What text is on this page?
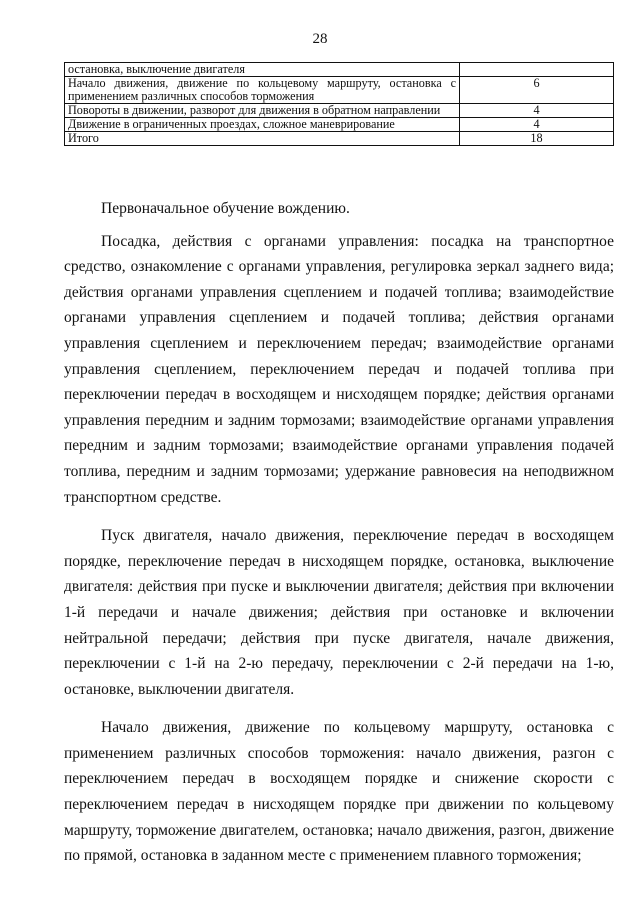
28
остановка, выключение двигателя	
Начало движения, движение по кольцевому маршруту, остановка с применением различных способов торможения	6
Повороты в движении, разворот для движения в обратном направлении	4
Движение в ограниченных проездах, сложное маневрирование	4
Итого	18

Первоначальное обучение вождению.

Посадка, действия с органами управления: посадка на транспортное средство, ознакомление с органами управления, регулировка зеркал заднего вида; действия органами управления сцеплением и подачей топлива; взаимодействие органами управления сцеплением и подачей топлива; действия органами управления сцеплением и переключением передач; взаимодействие органами управления сцеплением, переключением передач и подачей топлива при переключении передач в восходящем и нисходящем порядке; действия органами управления передним и задним тормозами; взаимодействие органами управления передним и задним тормозами; взаимодействие органами управления подачей топлива, передним и задним тормозами; удержание равновесия на неподвижном транспортном средстве.

Пуск двигателя, начало движения, переключение передач в восходящем порядке, переключение передач в нисходящем порядке, остановка, выключение двигателя: действия при пуске и выключении двигателя; действия при включении 1-й передачи и начале движения; действия при остановке и включении нейтральной передачи; действия при пуске двигателя, начале движения, переключении с 1-й на 2-ю передачу, переключении с 2-й передачи на 1-ю, остановке, выключении двигателя.

Начало движения, движение по кольцевому маршруту, остановка с применением различных способов торможения: начало движения, разгон с переключением передач в восходящем порядке и снижение скорости с переключением передач в нисходящем порядке при движении по кольцевому маршруту, торможение двигателем, остановка; начало движения, разгон, движение по прямой, остановка в заданном месте с применением плавного торможения;
